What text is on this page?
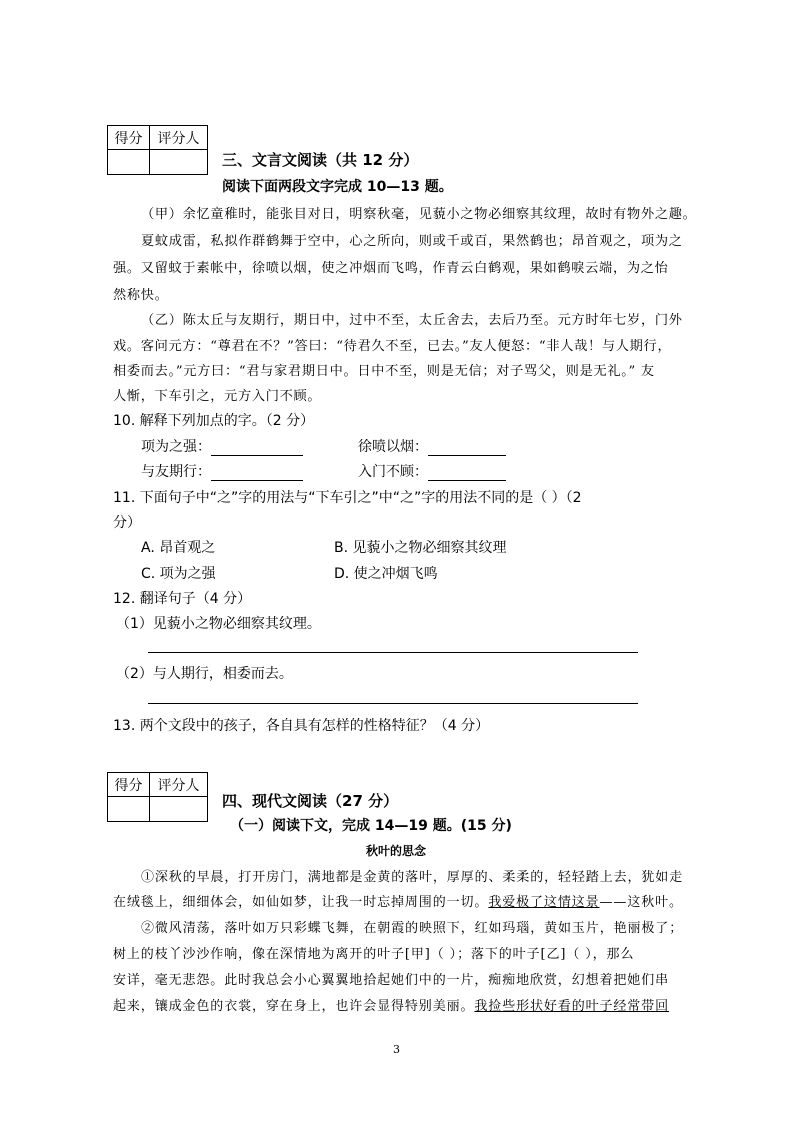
得分	评分人

三、文言文阅读（共 12 分）
阅读下面两段文字完成 10—13 题。
（甲）余忆童稚时，能张目对日，明察秋毫，见藐小之物必细察其纹理，故时有物外之趣。
夏蚊成雷，私拟作群鹤舞于空中，心之所向，则或千或百，果然鹤也；昂首观之，项为之
强。又留蚊于素帐中，徐喷以烟，使之冲烟而飞鸣，作青云白鹤观，果如鹤唳云端，为之怡
然称快。
（乙）陈太丘与友期行，期日中，过中不至，太丘舍去，去后乃至。元方时年七岁，门外
戏。客问元方：“尊君在不？”答曰：“待君久不至，已去。”友人便怒：“非人哉！与人期行，
相委而去。”元方曰：“君与家君期日中。日中不至，则是无信；对子骂父，则是无礼。” 友
人惭，下车引之，元方入门不顾。
10. 解释下列加点的字。（2 分）
项为之强：	徐喷以烟：
与友期行：	入门不顾：
11. 下面句子中“之”字的用法与“下车引之”中“之”字的用法不同的是（ ）（2
分）
A. 昂首观之	B. 见藐小之物必细察其纹理
C. 项为之强	D. 使之冲烟飞鸣
12. 翻译句子（4 分）
（1）见藐小之物必细察其纹理。
（2）与人期行，相委而去。
13. 两个文段中的孩子，各自具有怎样的性格特征？（4 分）
得分	评分人

四、现代文阅读（27 分）
（一）阅读下文，完成 14—19 题。(15 分)
秋叶的思念
①深秋的早晨，打开房门，满地都是金黄的落叶，厚厚的、柔柔的，轻轻踏上去，犹如走
在绒毯上，细细体会，如仙如梦，让我一时忘掉周围的一切。我爱极了这情这景——这秋叶。
②微风清荡，落叶如万只彩蝶飞舞，在朝霞的映照下，红如玛瑙，黄如玉片，艳丽极了；
树上的枝丫沙沙作响，像在深情地为离开的叶子[甲]（ ）；落下的叶子[乙]（ ），那么
安详，毫无悲怨。此时我总会小心翼翼地拾起她们中的一片，痴痴地欣赏，幻想着把她们串
起来，镶成金色的衣裳，穿在身上，也许会显得特别美丽。我捡些形状好看的叶子经常带回
3
